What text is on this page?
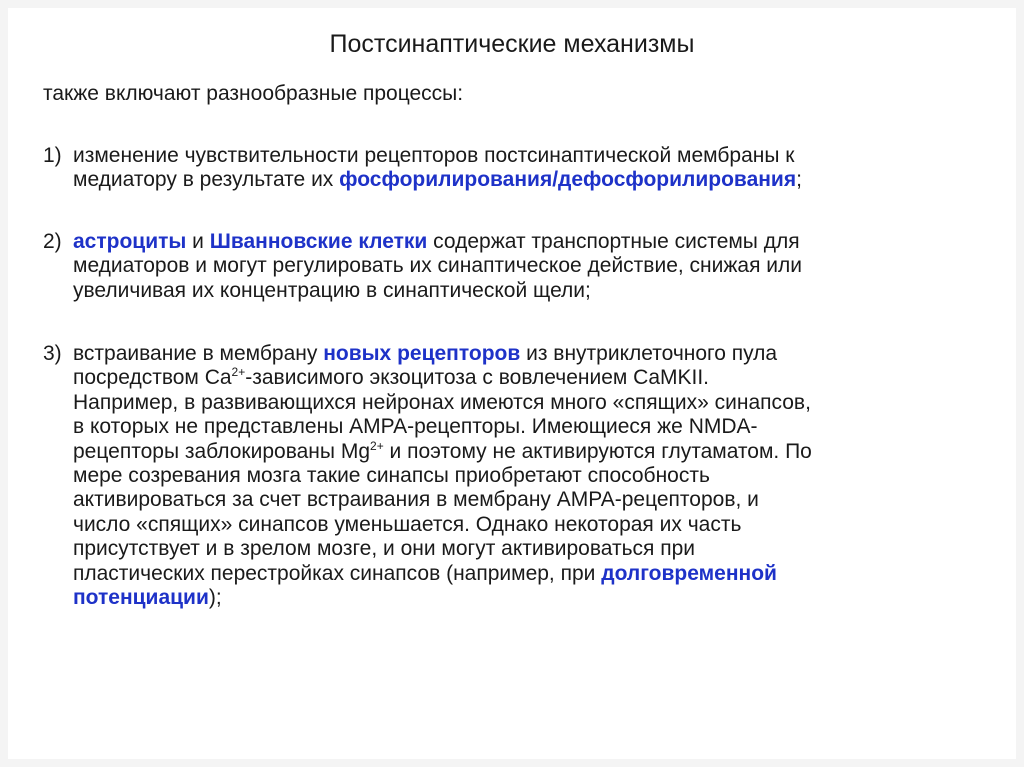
Постсинаптические механизмы
также включают разнообразные процессы:
1) изменение чувствительности рецепторов постсинаптической мембраны к
медиатору в результате их фосфорилирования/дефосфорилирования;
2) астроциты и Шванновские клетки содержат транспортные системы для
медиаторов и могут регулировать их синаптическое действие, снижая или
увеличивая их концентрацию в синаптической щели;
3) встраивание в мембрану новых рецепторов из внутриклеточного пула
посредством $Ca^{2+}$-зависимого экзоцитоза с вовлечением CaMKII.
Например, в развивающихся нейронах имеются много «спящих» синапсов,
в которых не представлены AMPA-рецепторы. Имеющиеся же NMDA-
рецепторы заблокированы $Mg^{2+}$ и поэтому не активируются глутаматом. По
мере созревания мозга такие синапсы приобретают способность
активироваться за счет встраивания в мембрану AMPA-рецепторов, и
число «спящих» синапсов уменьшается. Однако некоторая их часть
присутствует и в зрелом мозге, и они могут активироваться при
пластических перестройках синапсов (например, при долговременной
потенциации);
